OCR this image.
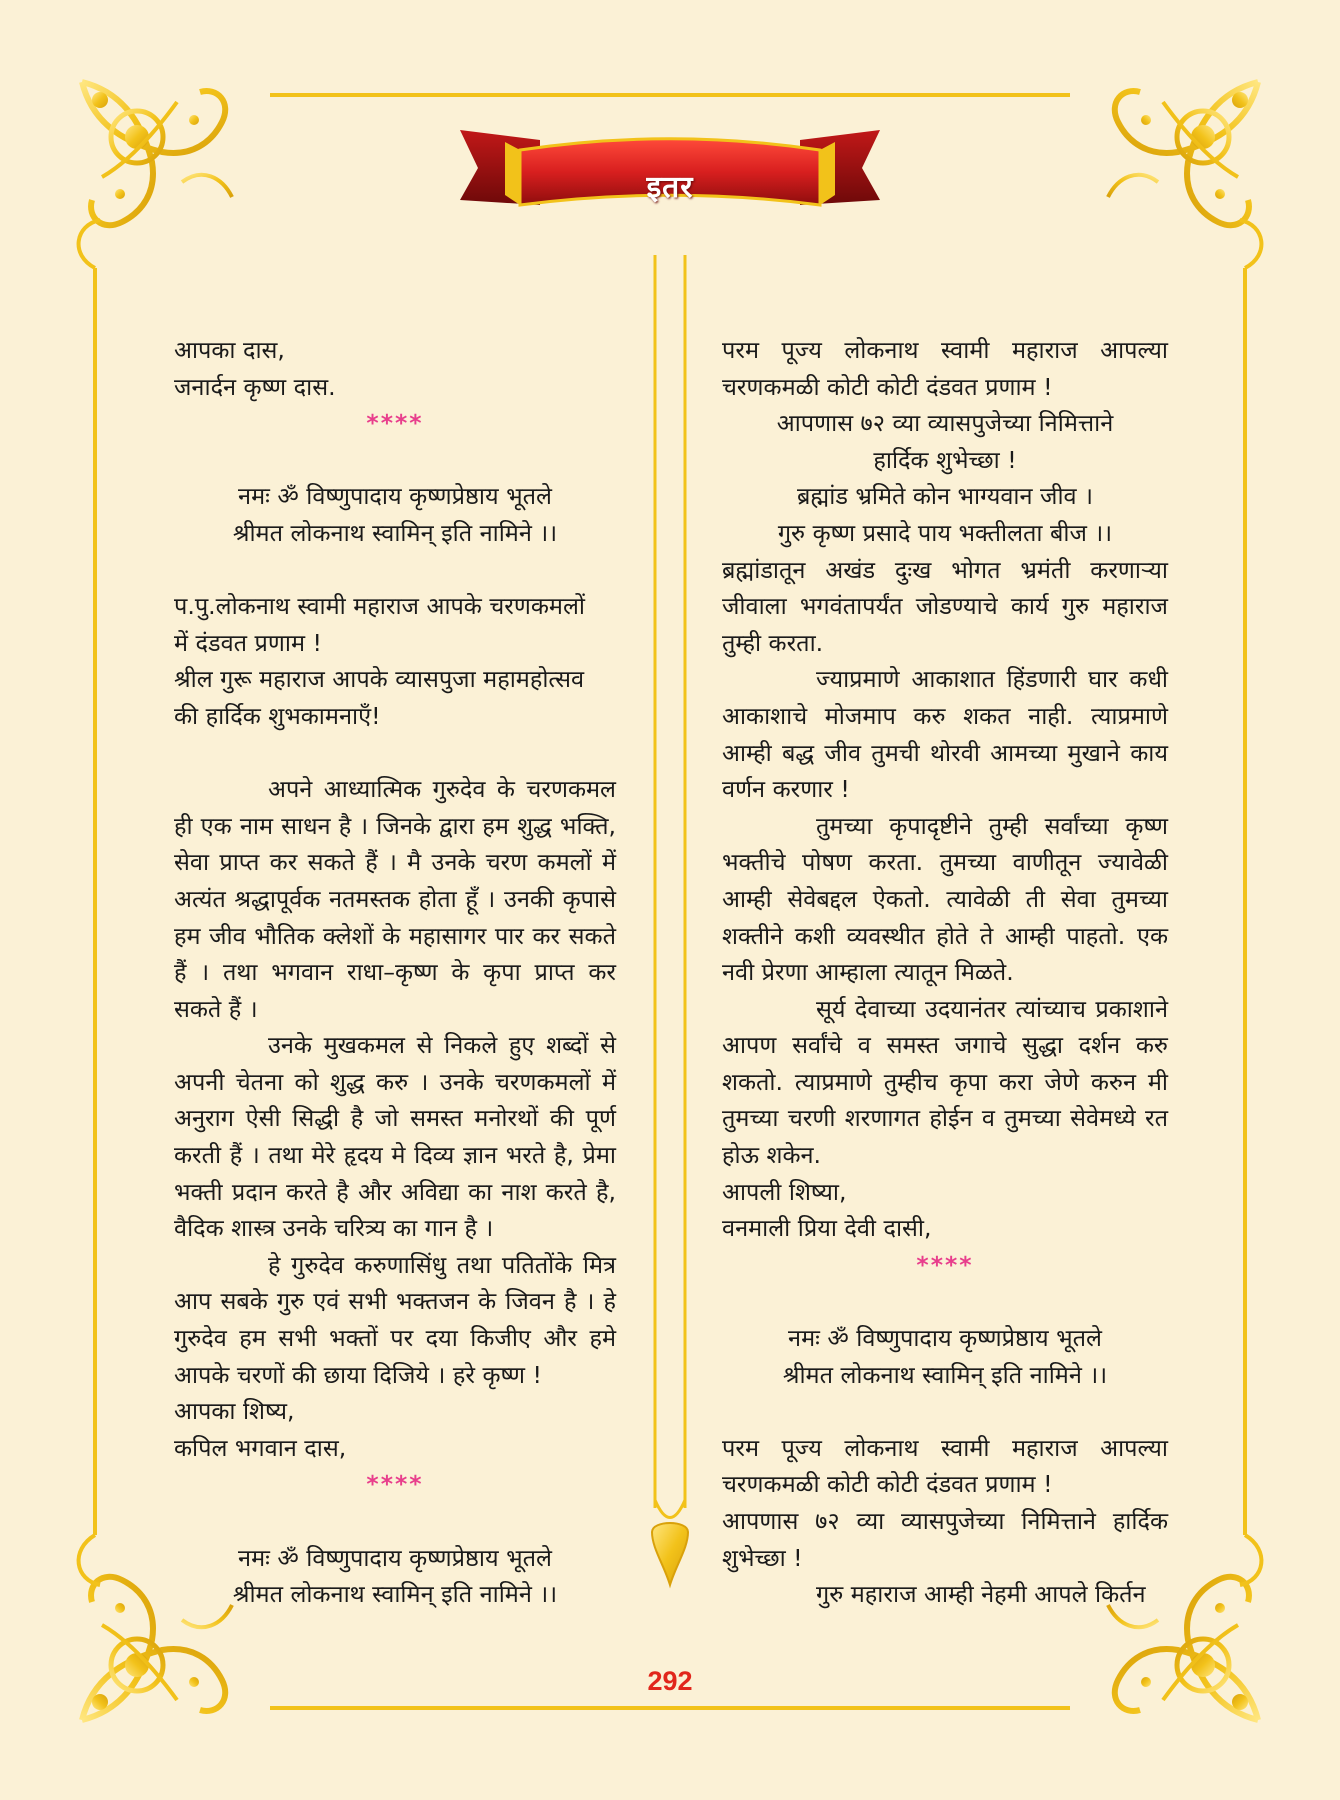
इतर

आपका दास,

जनार्दन कृष्ण दास.

****

नमः ॐ विष्णुपादाय कृष्णप्रेष्ठाय भूतले

श्रीमत लोकनाथ स्वामिन् इति नामिने ।।

प.पु.लोकनाथ स्वामी महाराज आपके चरणकमलों

में दंडवत प्रणाम !

श्रील गुरू महाराज आपके व्यासपुजा महामहोत्सव

की हार्दिक शुभकामनाएँ!

अपने आध्यात्मिक गुरुदेव के चरणकमल ही एक नाम साधन है । जिनके द्वारा हम शुद्ध भक्ति, सेवा प्राप्त कर सकते हैं । मै उनके चरण कमलों में अत्यंत श्रद्धापूर्वक नतमस्तक होता हूँ । उनकी कृपासे हम जीव भौतिक क्लेशों के महासागर पार कर सकते हैं । तथा भगवान राधा–कृष्ण के कृपा प्राप्त कर सकते हैं ।

उनके मुखकमल से निकले हुए शब्दों से अपनी चेतना को शुद्ध करु । उनके चरणकमलों में अनुराग ऐसी सिद्धी है जो समस्त मनोरथों की पूर्ण करती हैं । तथा मेरे हृदय मे दिव्य ज्ञान भरते है, प्रेमा भक्ती प्रदान करते है और अविद्या का नाश करते है, वैदिक शास्त्र उनके चरित्र्य का गान है ।

हे गुरुदेव करुणासिंधु तथा पतितोंके मित्र आप सबके गुरु एवं सभी भक्तजन के जिवन है । हे गुरुदेव हम सभी भक्तों पर दया किजीए और हमे आपके चरणों की छाया दिजिये । हरे कृष्ण !

आपका शिष्य,

कपिल भगवान दास,

****

नमः ॐ विष्णुपादाय कृष्णप्रेष्ठाय भूतले

श्रीमत लोकनाथ स्वामिन् इति नामिने ।।

परम पूज्य लोकनाथ स्वामी महाराज आपल्या

चरणकमळी कोटी कोटी दंडवत प्रणाम !

आपणास ७२ व्या व्यासपुजेच्या निमित्ताने

हार्दिक शुभेच्छा !

ब्रह्मांड भ्रमिते कोन भाग्यवान जीव ।

गुरु कृष्ण प्रसादे पाय भक्तीलता बीज ।।

ब्रह्मांडातून अखंड दुःख भोगत भ्रमंती करणाऱ्या जीवाला भगवंतापर्यंत जोडण्याचे कार्य गुरु महाराज तुम्ही करता.

ज्याप्रमाणे आकाशात हिंडणारी घार कधी आकाशाचे मोजमाप करु शकत नाही. त्याप्रमाणे आम्ही बद्ध जीव तुमची थोरवी आमच्या मुखाने काय वर्णन करणार !

तुमच्या कृपादृष्टीने तुम्ही सर्वांच्या कृष्ण भक्तीचे पोषण करता. तुमच्या वाणीतून ज्यावेळी आम्ही सेवेबद्दल ऐकतो. त्यावेळी ती सेवा तुमच्या शक्तीने कशी व्यवस्थीत होते ते आम्ही पाहतो. एक नवी प्रेरणा आम्हाला त्यातून मिळते.

सूर्य देवाच्या उदयानंतर त्यांच्याच प्रकाशाने आपण सर्वांचे व समस्त जगाचे सुद्धा दर्शन करु शकतो. त्याप्रमाणे तुम्हीच कृपा करा जेणे करुन मी तुमच्या चरणी शरणागत होईन व तुमच्या सेवेमध्ये रत होऊ शकेन.

आपली शिष्या,

वनमाली प्रिया देवी दासी,

****

नमः ॐ विष्णुपादाय कृष्णप्रेष्ठाय भूतले

श्रीमत लोकनाथ स्वामिन् इति नामिने ।।

परम पूज्य लोकनाथ स्वामी महाराज आपल्या

चरणकमळी कोटी कोटी दंडवत प्रणाम !

आपणास ७२ व्या व्यासपुजेच्या निमित्ताने हार्दिक

शुभेच्छा !

गुरु महाराज आम्ही नेहमी आपले किर्तन

292
